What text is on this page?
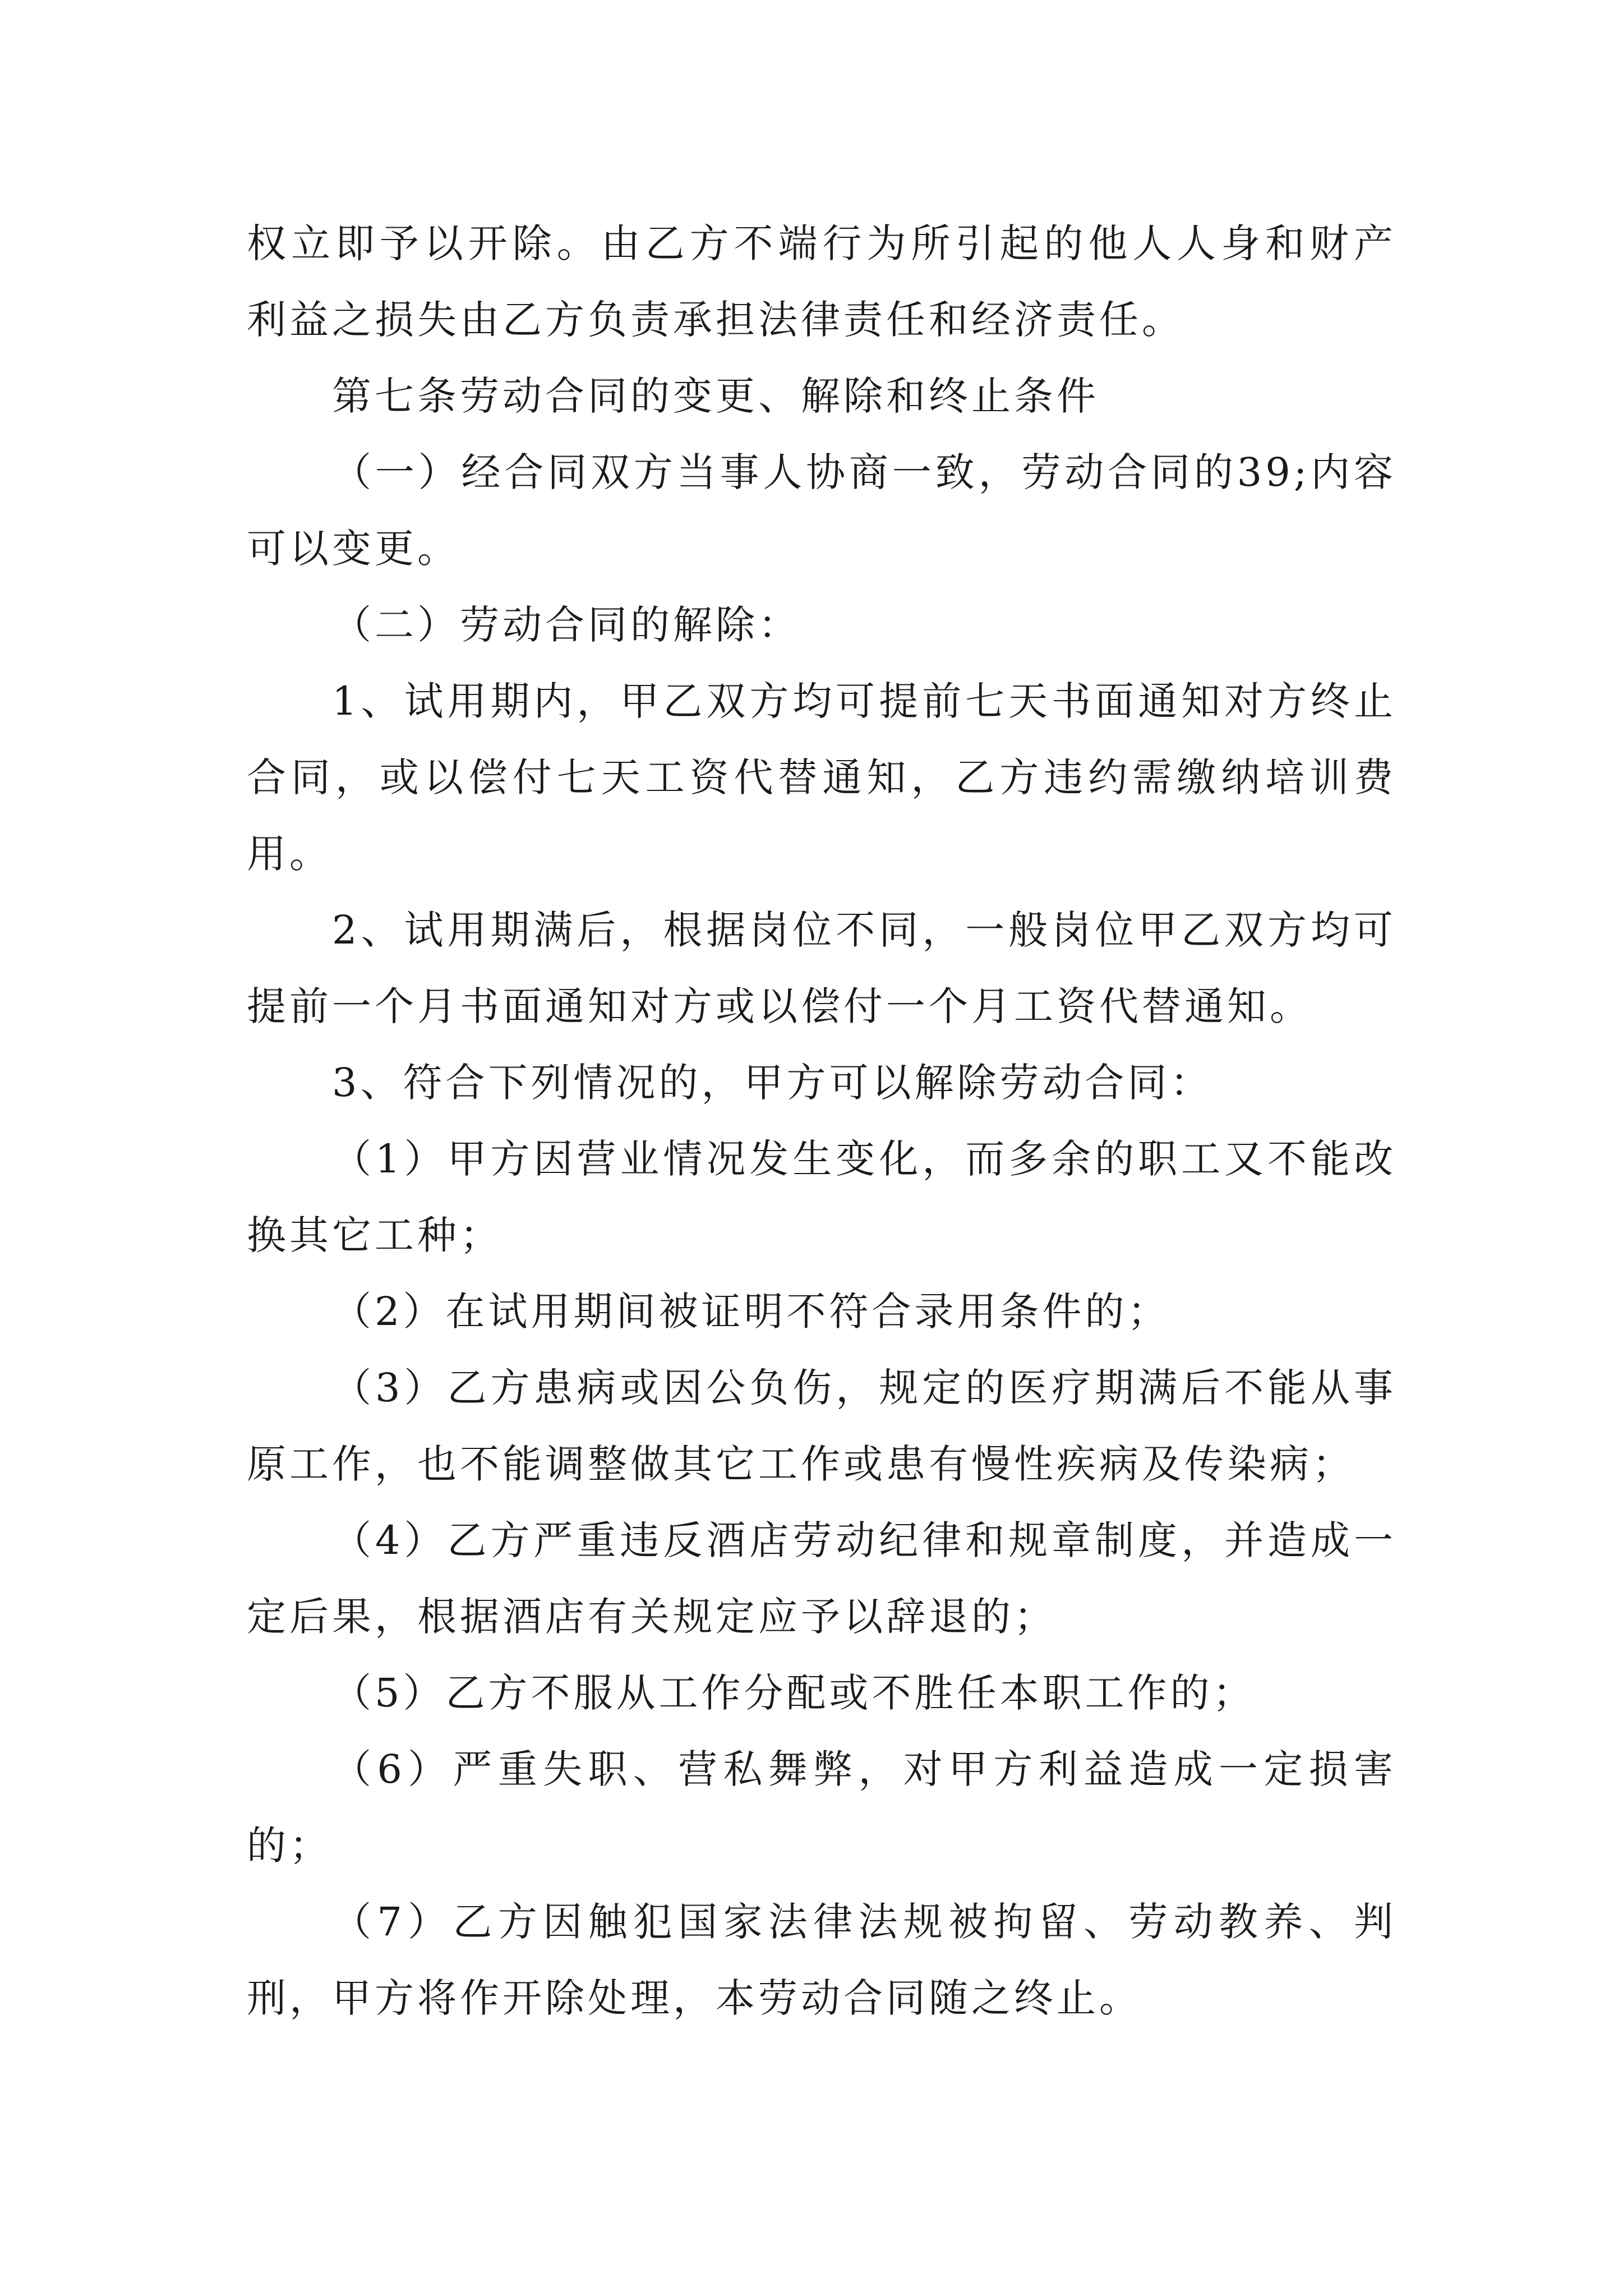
权立即予以开除。由乙方不端行为所引起的他人人身和财产利益之损失由乙方负责承担法律责任和经济责任。

第七条劳动合同的变更、解除和终止条件

（一）经合同双方当事人协商一致，劳动合同的39;内容可以变更。

（二）劳动合同的解除：

1、试用期内，甲乙双方均可提前七天书面通知对方终止合同，或以偿付七天工资代替通知，乙方违约需缴纳培训费用。

2、试用期满后，根据岗位不同，一般岗位甲乙双方均可提前一个月书面通知对方或以偿付一个月工资代替通知。

3、符合下列情况的，甲方可以解除劳动合同：

（1）甲方因营业情况发生变化，而多余的职工又不能改换其它工种；

（2）在试用期间被证明不符合录用条件的；

（3）乙方患病或因公负伤，规定的医疗期满后不能从事原工作，也不能调整做其它工作或患有慢性疾病及传染病；

（4）乙方严重违反酒店劳动纪律和规章制度，并造成一定后果，根据酒店有关规定应予以辞退的；

（5）乙方不服从工作分配或不胜任本职工作的；

（6）严重失职、营私舞弊，对甲方利益造成一定损害的；

（7）乙方因触犯国家法律法规被拘留、劳动教养、判刑，甲方将作开除处理，本劳动合同随之终止。
